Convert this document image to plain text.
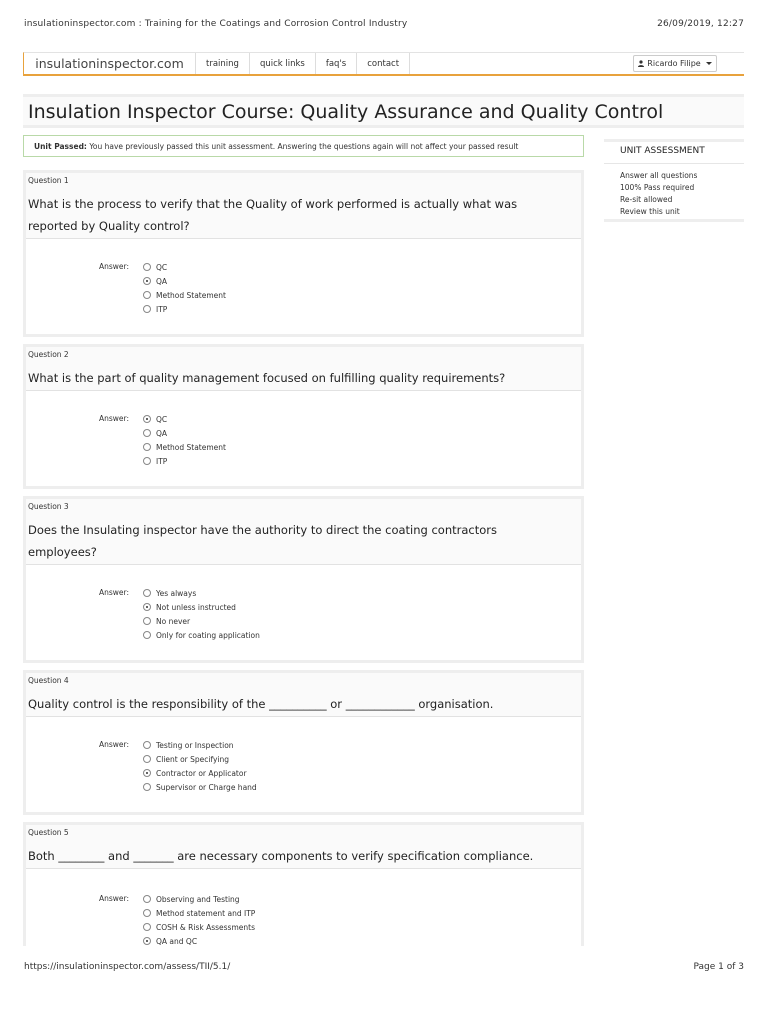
insulationinspector.com : Training for the Coatings and Corrosion Control Industry	26/09/2019, 12:27
insulationinspector.com	training	quick links	faq's	contact	Ricardo Filipe
Insulation Inspector Course: Quality Assurance and Quality Control
Unit Passed: You have previously passed this unit assessment. Answering the questions again will not affect your passed result	UNIT ASSESSMENT
Answer all questions
100% Pass required
Re-sit allowed
Review this unit
Question 1
What is the process to verify that the Quality of work performed is actually what was reported by Quality control?
Answer:	QC
QA
Method Statement
ITP
Question 2
What is the part of quality management focused on fulfilling quality requirements?
Answer:	QC
QA
Method Statement
ITP
Question 3
Does the Insulating inspector have the authority to direct the coating contractors employees?
Answer:	Yes always
Not unless instructed
No never
Only for coating application
Question 4
Quality control is the responsibility of the __________ or ____________ organisation.
Answer:	Testing or Inspection
Client or Specifying
Contractor or Applicator
Supervisor or Charge hand
Question 5
Both ________ and _______ are necessary components to verify specification compliance.
Answer:	Observing and Testing
Method statement and ITP
COSH & Risk Assessments
QA and QC
https://insulationinspector.com/assess/TII/5.1/	Page 1 of 3
